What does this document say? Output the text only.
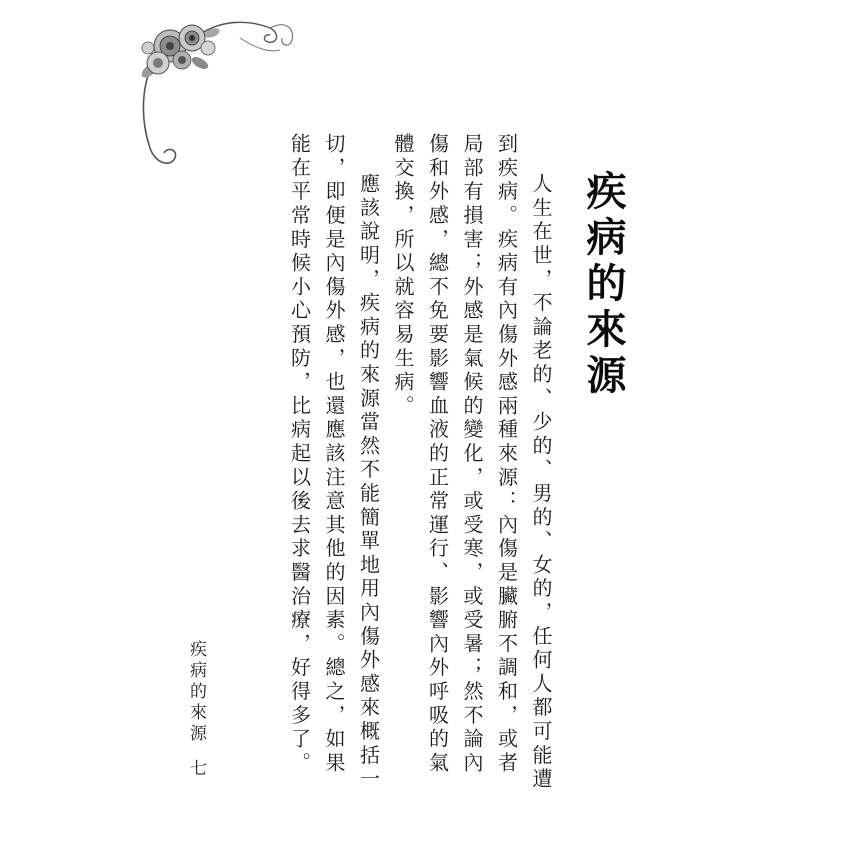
疾病的來源

人生在世，不論老的、少的、男的、女的，任何人都可能遭到疾病。疾病有內傷外感兩種來源：內傷是臟腑不調和，或者局部有損害；外感是氣候的變化，或受寒，或受暑；然不論內傷和外感，總不免要影響血液的正常運行、影響內外呼吸的氣體交換，所以就容易生病。

應該說明，疾病的來源當然不能簡單地用內傷外感來概括一切，即便是內傷外感，也還應該注意其他的因素。總之，如果能在平常時候小心預防，比病起以後去求醫治療，好得多了。

疾病的來源
七
